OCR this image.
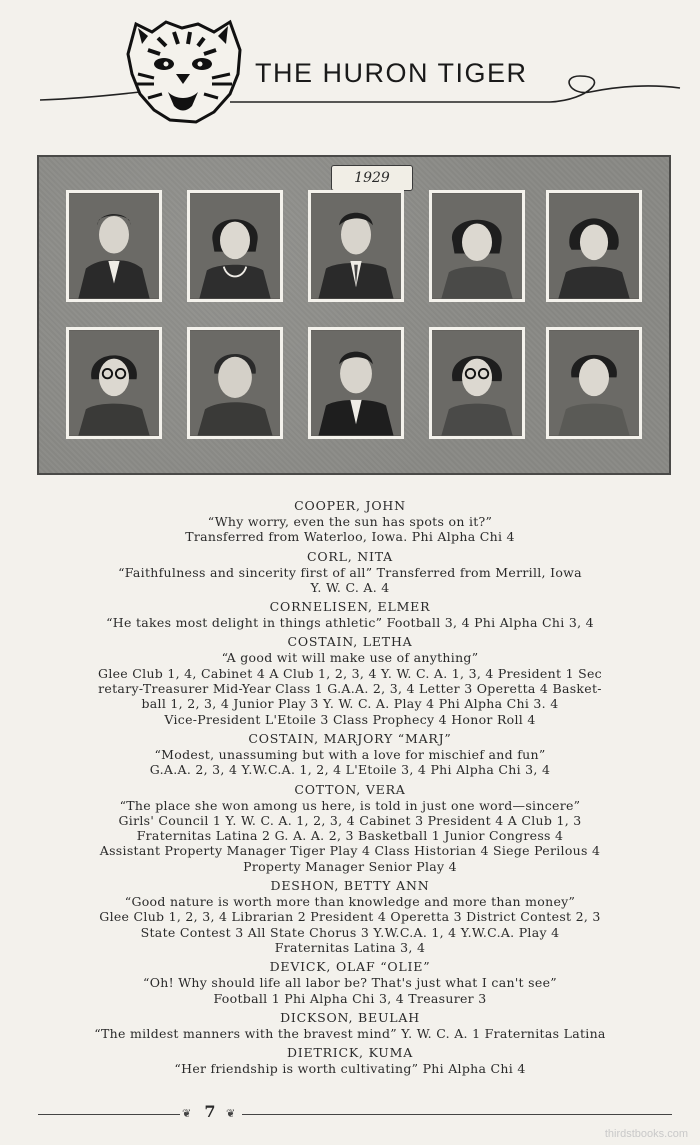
THE HURON TIGER
1929
COOPER, JOHN
“Why worry, even the sun has spots on it?”
Transferred from Waterloo, Iowa. Phi Alpha Chi 4
CORL, NITA
“Faithfulness and sincerity first of all” Transferred from Merrill, Iowa
Y. W. C. A. 4
CORNELISEN, ELMER
“He takes most delight in things athletic” Football 3, 4 Phi Alpha Chi 3, 4
COSTAIN, LETHA
“A good wit will make use of anything”
Glee Club 1, 4, Cabinet 4 A Club 1, 2, 3, 4 Y. W. C. A. 1, 3, 4 President 1 Sec
retary-Treasurer Mid-Year Class 1 G.A.A. 2, 3, 4 Letter 3 Operetta 4 Basket-
ball 1, 2, 3, 4 Junior Play 3 Y. W. C. A. Play 4 Phi Alpha Chi 3. 4
Vice-President L'Etoile 3 Class Prophecy 4 Honor Roll 4
COSTAIN, MARJORY “MARJ”
“Modest, unassuming but with a love for mischief and fun”
G.A.A. 2, 3, 4 Y.W.C.A. 1, 2, 4 L'Etoile 3, 4 Phi Alpha Chi 3, 4
COTTON, VERA
“The place she won among us here, is told in just one word—sincere”
Girls' Council 1 Y. W. C. A. 1, 2, 3, 4 Cabinet 3 President 4 A Club 1, 3
Fraternitas Latina 2 G. A. A. 2, 3 Basketball 1 Junior Congress 4
Assistant Property Manager Tiger Play 4 Class Historian 4 Siege Perilous 4
Property Manager Senior Play 4
DESHON, BETTY ANN
“Good nature is worth more than knowledge and more than money”
Glee Club 1, 2, 3, 4 Librarian 2 President 4 Operetta 3 District Contest 2, 3
State Contest 3 All State Chorus 3 Y.W.C.A. 1, 4 Y.W.C.A. Play 4
Fraternitas Latina 3, 4
DEVICK, OLAF “OLIE”
“Oh! Why should life all labor be? That's just what I can't see”
Football 1 Phi Alpha Chi 3, 4 Treasurer 3
DICKSON, BEULAH
“The mildest manners with the bravest mind” Y. W. C. A. 1 Fraternitas Latina
DIETRICK, KUMA
“Her friendship is worth cultivating” Phi Alpha Chi 4
❦ 7 ❦
thirdstbooks.com
